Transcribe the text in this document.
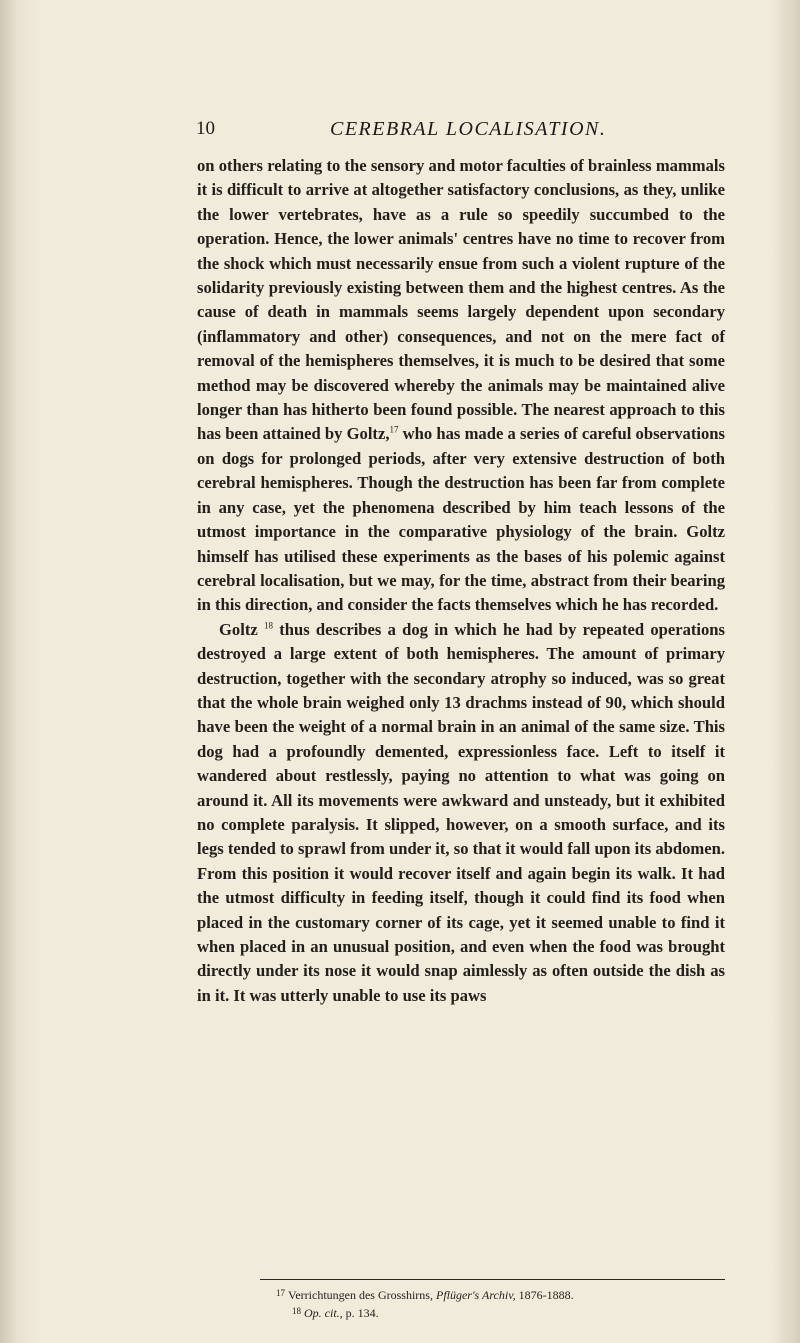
10	CEREBRAL LOCALISATION.

on others relating to the sensory and motor faculties of brainless mammals it is difficult to arrive at altogether satisfactory conclusions, as they, unlike the lower vertebrates, have as a rule so speedily succumbed to the operation. Hence, the lower animals' centres have no time to recover from the shock which must necessarily ensue from such a violent rupture of the solidarity previously existing between them and the highest centres. As the cause of death in mammals seems largely dependent upon secondary (inflammatory and other) consequences, and not on the mere fact of removal of the hemispheres themselves, it is much to be desired that some method may be discovered whereby the animals may be maintained alive longer than has hitherto been found possible. The nearest approach to this has been attained by Goltz,$^{17}$ who has made a series of careful observations on dogs for prolonged periods, after very extensive destruction of both cerebral hemispheres. Though the destruction has been far from complete in any case, yet the phenomena described by him teach lessons of the utmost importance in the comparative physiology of the brain. Goltz himself has utilised these experiments as the bases of his polemic against cerebral localisation, but we may, for the time, abstract from their bearing in this direction, and consider the facts themselves which he has recorded.

Goltz $^{18}$ thus describes a dog in which he had by repeated operations destroyed a large extent of both hemispheres. The amount of primary destruction, together with the secondary atrophy so induced, was so great that the whole brain weighed only 13 drachms instead of 90, which should have been the weight of a normal brain in an animal of the same size. This dog had a profoundly demented, expressionless face. Left to itself it wandered about restlessly, paying no attention to what was going on around it. All its movements were awkward and unsteady, but it exhibited no complete paralysis. It slipped, however, on a smooth surface, and its legs tended to sprawl from under it, so that it would fall upon its abdomen. From this position it would recover itself and again begin its walk. It had the utmost difficulty in feeding itself, though it could find its food when placed in the customary corner of its cage, yet it seemed unable to find it when placed in an unusual position, and even when the food was brought directly under its nose it would snap aimlessly as often outside the dish as in it. It was utterly unable to use its paws

$^{17}$ Verrichtungen des Grosshirns, Pflüger's Archiv, 1876-1888.

$^{18}$ Op. cit., p. 134.
